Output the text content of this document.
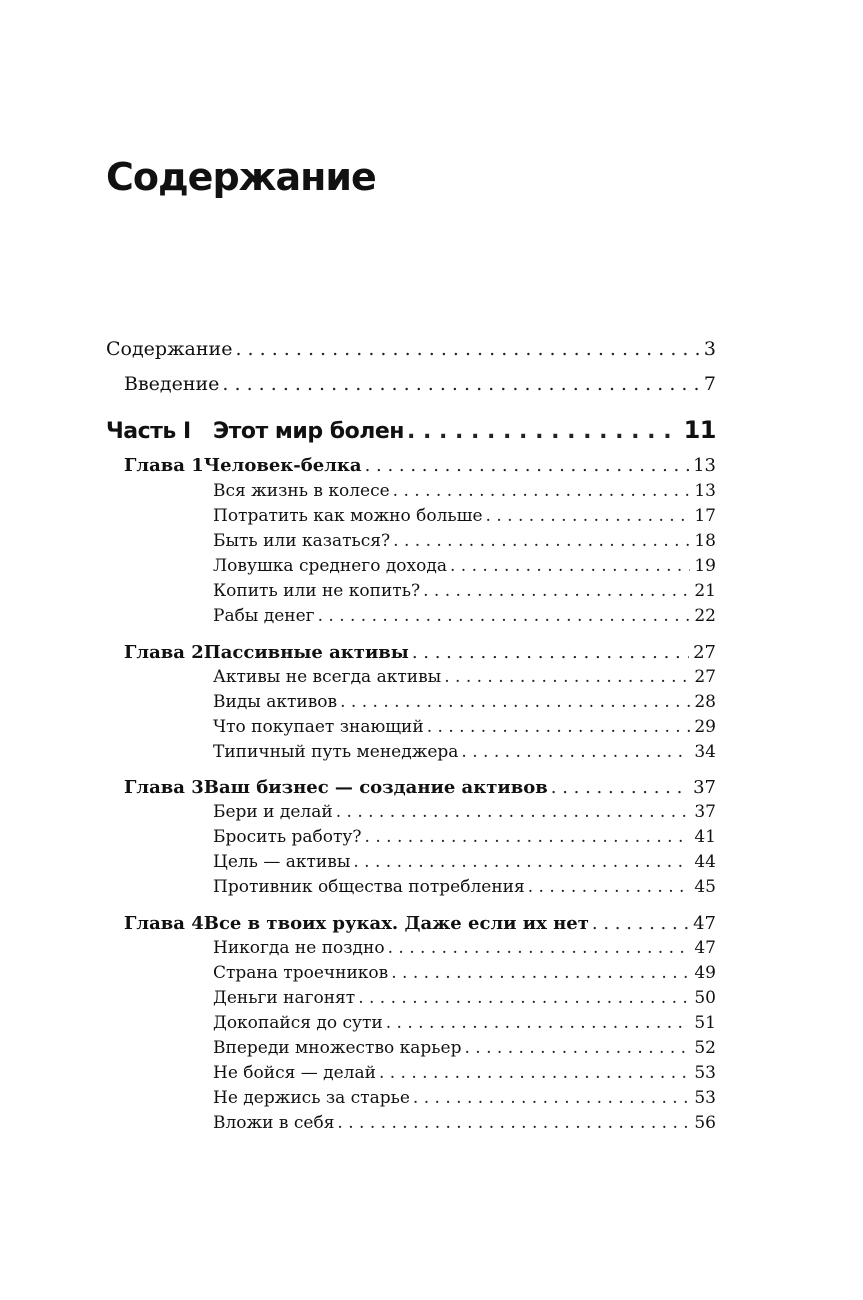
Содержание
Содержание . . .	3
Введение . . .	7
Часть I	Этот мир болен . . .	11
Глава 1 Человек-белка . . .	13
Вся жизнь в колесе . . .	13
Потратить как можно больше . . .	17
Быть или казаться? . . .	18
Ловушка среднего дохода . . .	19
Копить или не копить? . . .	21
Рабы денег . . .	22
Глава 2 Пассивные активы . . .	27
Активы не всегда активы . . .	27
Виды активов . . .	28
Что покупает знающий . . .	29
Типичный путь менеджера . . .	34
Глава 3 Ваш бизнес — создание активов . . .	37
Бери и делай . . .	37
Бросить работу? . . .	41
Цель — активы . . .	44
Противник общества потребления . . .	45
Глава 4 Все в твоих руках. Даже если их нет . . .	47
Никогда не поздно . . .	47
Страна троечников . . .	49
Деньги нагонят . . .	50
Докопайся до сути . . .	51
Впереди множество карьер . . .	52
Не бойся — делай . . .	53
Не держись за старье . . .	53
Вложи в себя . . .	56
